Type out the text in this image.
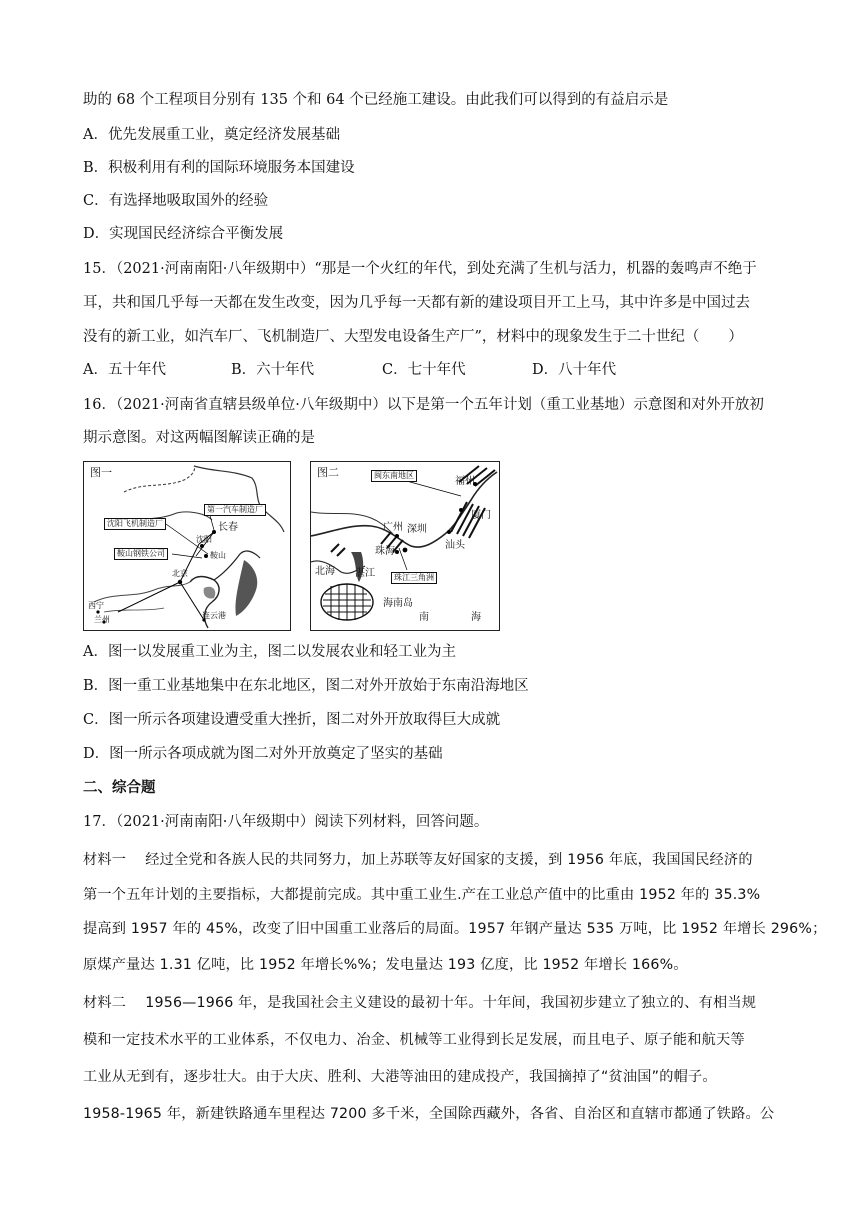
助的 68 个工程项目分别有 135 个和 64 个已经施工建设。由此我们可以得到的有益启示是
A．优先发展重工业，奠定经济发展基础
B．积极利用有利的国际环境服务本国建设
C．有选择地吸取国外的经验
D．实现国民经济综合平衡发展
15．（2021·河南南阳·八年级期中）“那是一个火红的年代，到处充满了生机与活力，机器的轰鸣声不绝于
耳，共和国几乎每一天都在发生改变，因为几乎每一天都有新的建设项目开工上马，其中许多是中国过去
没有的新工业，如汽车厂、飞机制造厂、大型发电设备生产厂”，材料中的现象发生于二十世纪（　　）
A．五十年代	B．六十年代	C．七十年代	D．八十年代
16．（2021·河南省直辖县级单位·八年级期中）以下是第一个五年计划（重工业基地）示意图和对外开放初
期示意图。对这两幅图解读正确的是
图一
第一汽车制造厂
沈阳飞机制造厂
鞍山钢铁公司
长春
沈阳
鞍山
北京
西宁
兰州	连云港
图二	闽东南地区
珠江三角洲
福州
厦门
汕头
广州 深圳
珠海
北海 湛江
海南岛
南	海
A．图一以发展重工业为主，图二以发展农业和轻工业为主
B．图一重工业基地集中在东北地区，图二对外开放始于东南沿海地区
C．图一所示各项建设遭受重大挫折，图二对外开放取得巨大成就
D．图一所示各项成就为图二对外开放奠定了坚实的基础
二、综合题
17．（2021·河南南阳·八年级期中）阅读下列材料，回答问题。
材料一　 经过全党和各族人民的共同努力，加上苏联等友好国家的支援，到 1956 年底，我国国民经济的
第一个五年计划的主要指标，大都提前完成。其中重工业生.产在工业总产值中的比重由 1952 年的 35.3%
提高到 1957 年的 45%，改变了旧中国重工业落后的局面。1957 年钢产量达 535 万吨，比 1952 年增长 296%；
原煤产量达 1.31 亿吨，比 1952 年增长%%；发电量达 193 亿度，比 1952 年增长 166%。
材料二　 1956—1966 年，是我国社会主义建设的最初十年。十年间，我国初步建立了独立的、有相当规
模和一定技术水平的工业体系，不仅电力、冶金、机械等工业得到长足发展，而且电子、原子能和航天等
工业从无到有，逐步壮大。由于大庆、胜利、大港等油田的建成投产，我国摘掉了“贫油国”的帽子。
1958-1965 年，新建铁路通车里程达 7200 多千米，全国除西藏外，各省、自治区和直辖市都通了铁路。公
